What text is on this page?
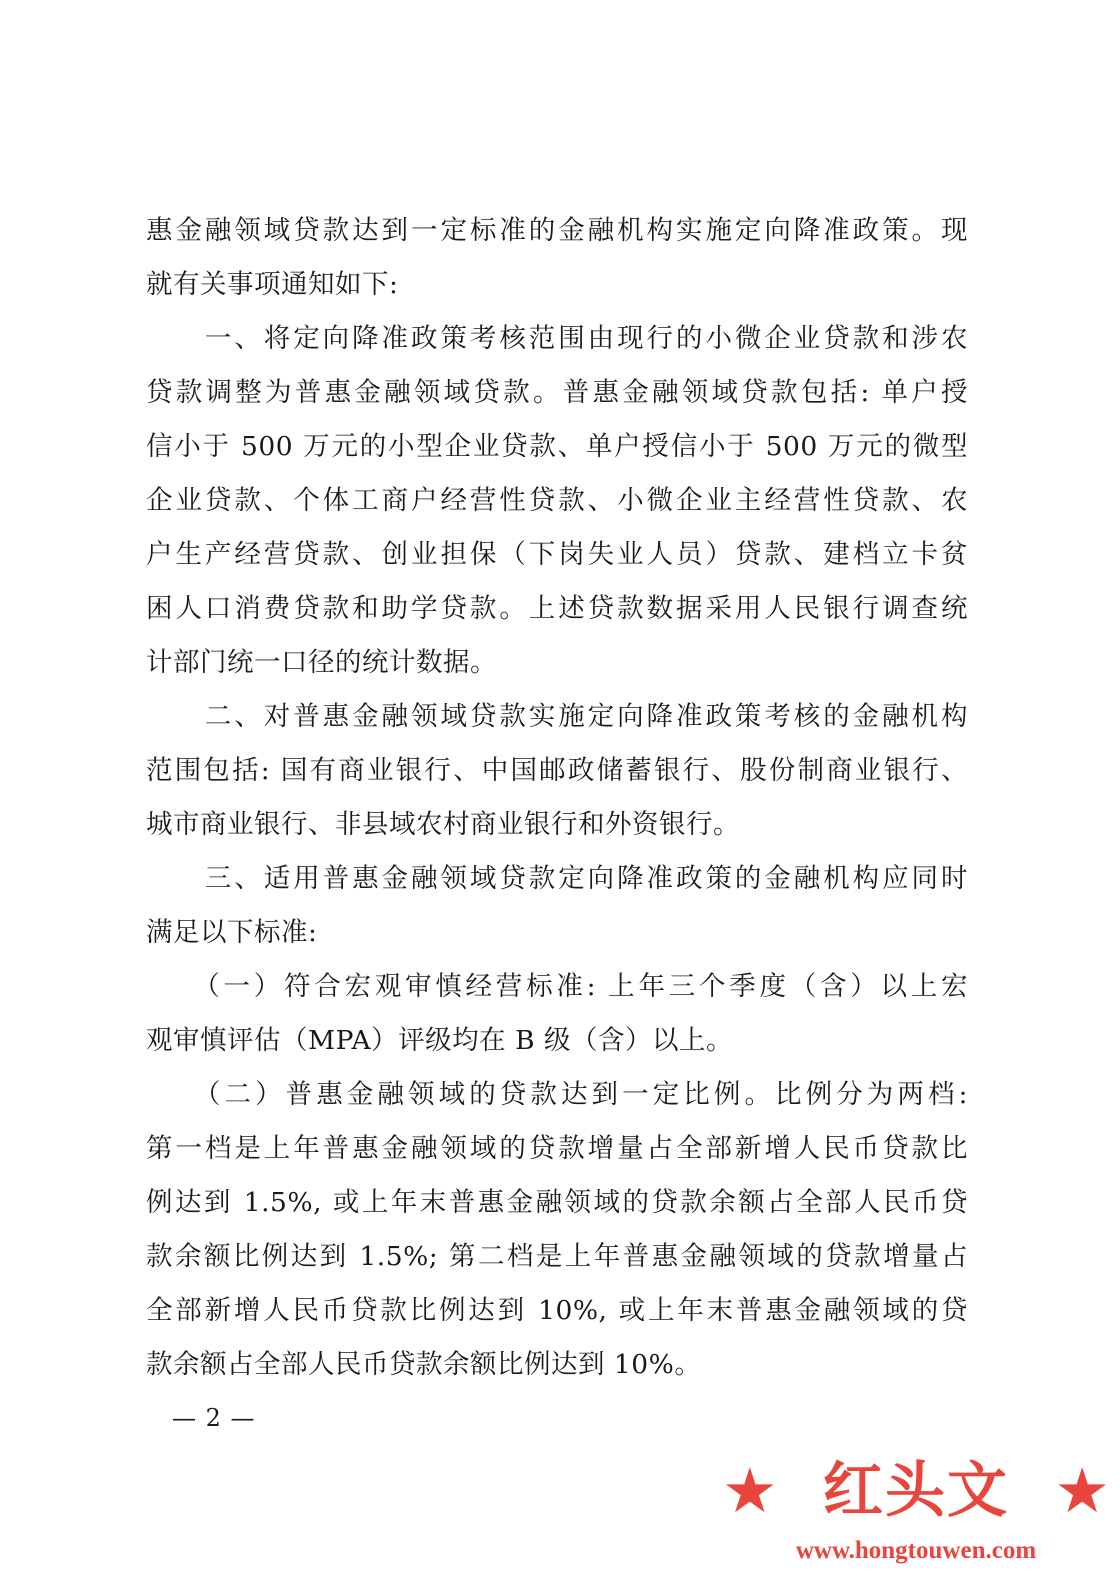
惠金融领域贷款达到一定标准的金融机构实施定向降准政策。现
就有关事项通知如下:
　　一、将定向降准政策考核范围由现行的小微企业贷款和涉农
贷款调整为普惠金融领域贷款。普惠金融领域贷款包括: 单户授
信小于 500 万元的小型企业贷款、单户授信小于 500 万元的微型
企业贷款、个体工商户经营性贷款、小微企业主经营性贷款、农
户生产经营贷款、创业担保（下岗失业人员）贷款、建档立卡贫
困人口消费贷款和助学贷款。上述贷款数据采用人民银行调查统
计部门统一口径的统计数据。
　　二、对普惠金融领域贷款实施定向降准政策考核的金融机构
范围包括: 国有商业银行、中国邮政储蓄银行、股份制商业银行、
城市商业银行、非县域农村商业银行和外资银行。
　　三、适用普惠金融领域贷款定向降准政策的金融机构应同时
满足以下标准:
　　（一）符合宏观审慎经营标准: 上年三个季度（含）以上宏
观审慎评估（MPA）评级均在 B 级（含）以上。
　　（二）普惠金融领域的贷款达到一定比例。比例分为两档:
第一档是上年普惠金融领域的贷款增量占全部新增人民币贷款比
例达到 1.5%, 或上年末普惠金融领域的贷款余额占全部人民币贷
款余额比例达到 1.5%; 第二档是上年普惠金融领域的贷款增量占
全部新增人民币贷款比例达到 10%, 或上年末普惠金融领域的贷
款余额占全部人民币贷款余额比例达到 10%。
— 2 —
★ 红头文 ★
www.hongtouwen.com
